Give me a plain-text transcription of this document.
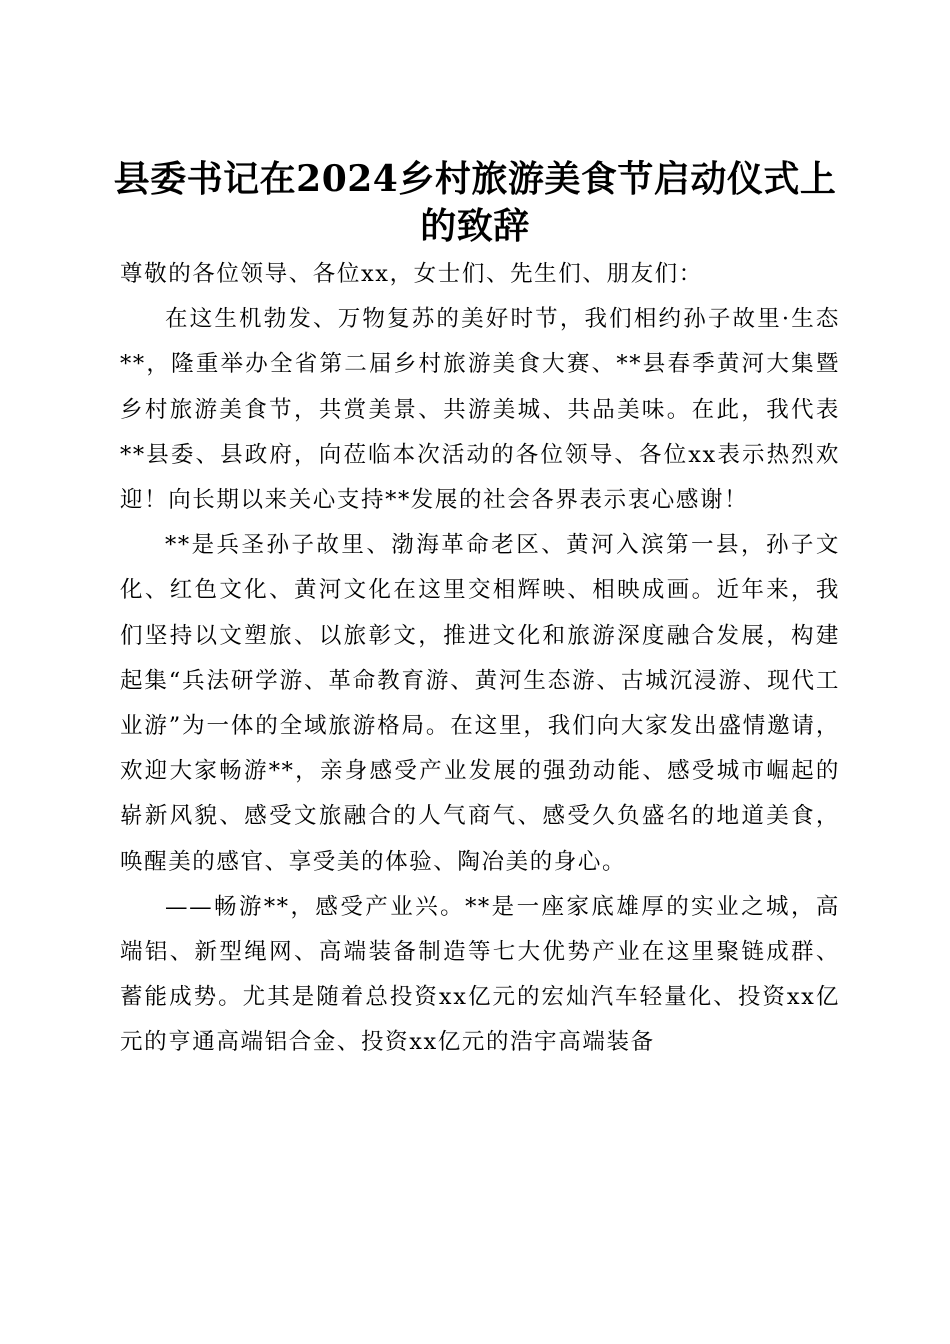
县委书记在2024乡村旅游美食节启动仪式上
的致辞

尊敬的各位领导、各位xx，女士们、先生们、朋友们：

在这生机勃发、万物复苏的美好时节，我们相约孙子故里·生态**，隆重举办全省第二届乡村旅游美食大赛、**县春季黄河大集暨乡村旅游美食节，共赏美景、共游美城、共品美味。在此，我代表**县委、县政府，向莅临本次活动的各位领导、各位xx表示热烈欢迎！向长期以来关心支持**发展的社会各界表示衷心感谢！

**是兵圣孙子故里、渤海革命老区、黄河入滨第一县，孙子文化、红色文化、黄河文化在这里交相辉映、相映成画。近年来，我们坚持以文塑旅、以旅彰文，推进文化和旅游深度融合发展，构建起集“兵法研学游、革命教育游、黄河生态游、古城沉浸游、现代工业游”为一体的全域旅游格局。在这里，我们向大家发出盛情邀请，欢迎大家畅游**，亲身感受产业发展的强劲动能、感受城市崛起的崭新风貌、感受文旅融合的人气商气、感受久负盛名的地道美食，唤醒美的感官、享受美的体验、陶冶美的身心。

——畅游**，感受产业兴。**是一座家底雄厚的实业之城，高端铝、新型绳网、高端装备制造等七大优势产业在这里聚链成群、蓄能成势。尤其是随着总投资xx亿元的宏灿汽车轻量化、投资xx亿元的亨通高端铝合金、投资xx亿元的浩宇高端装备
